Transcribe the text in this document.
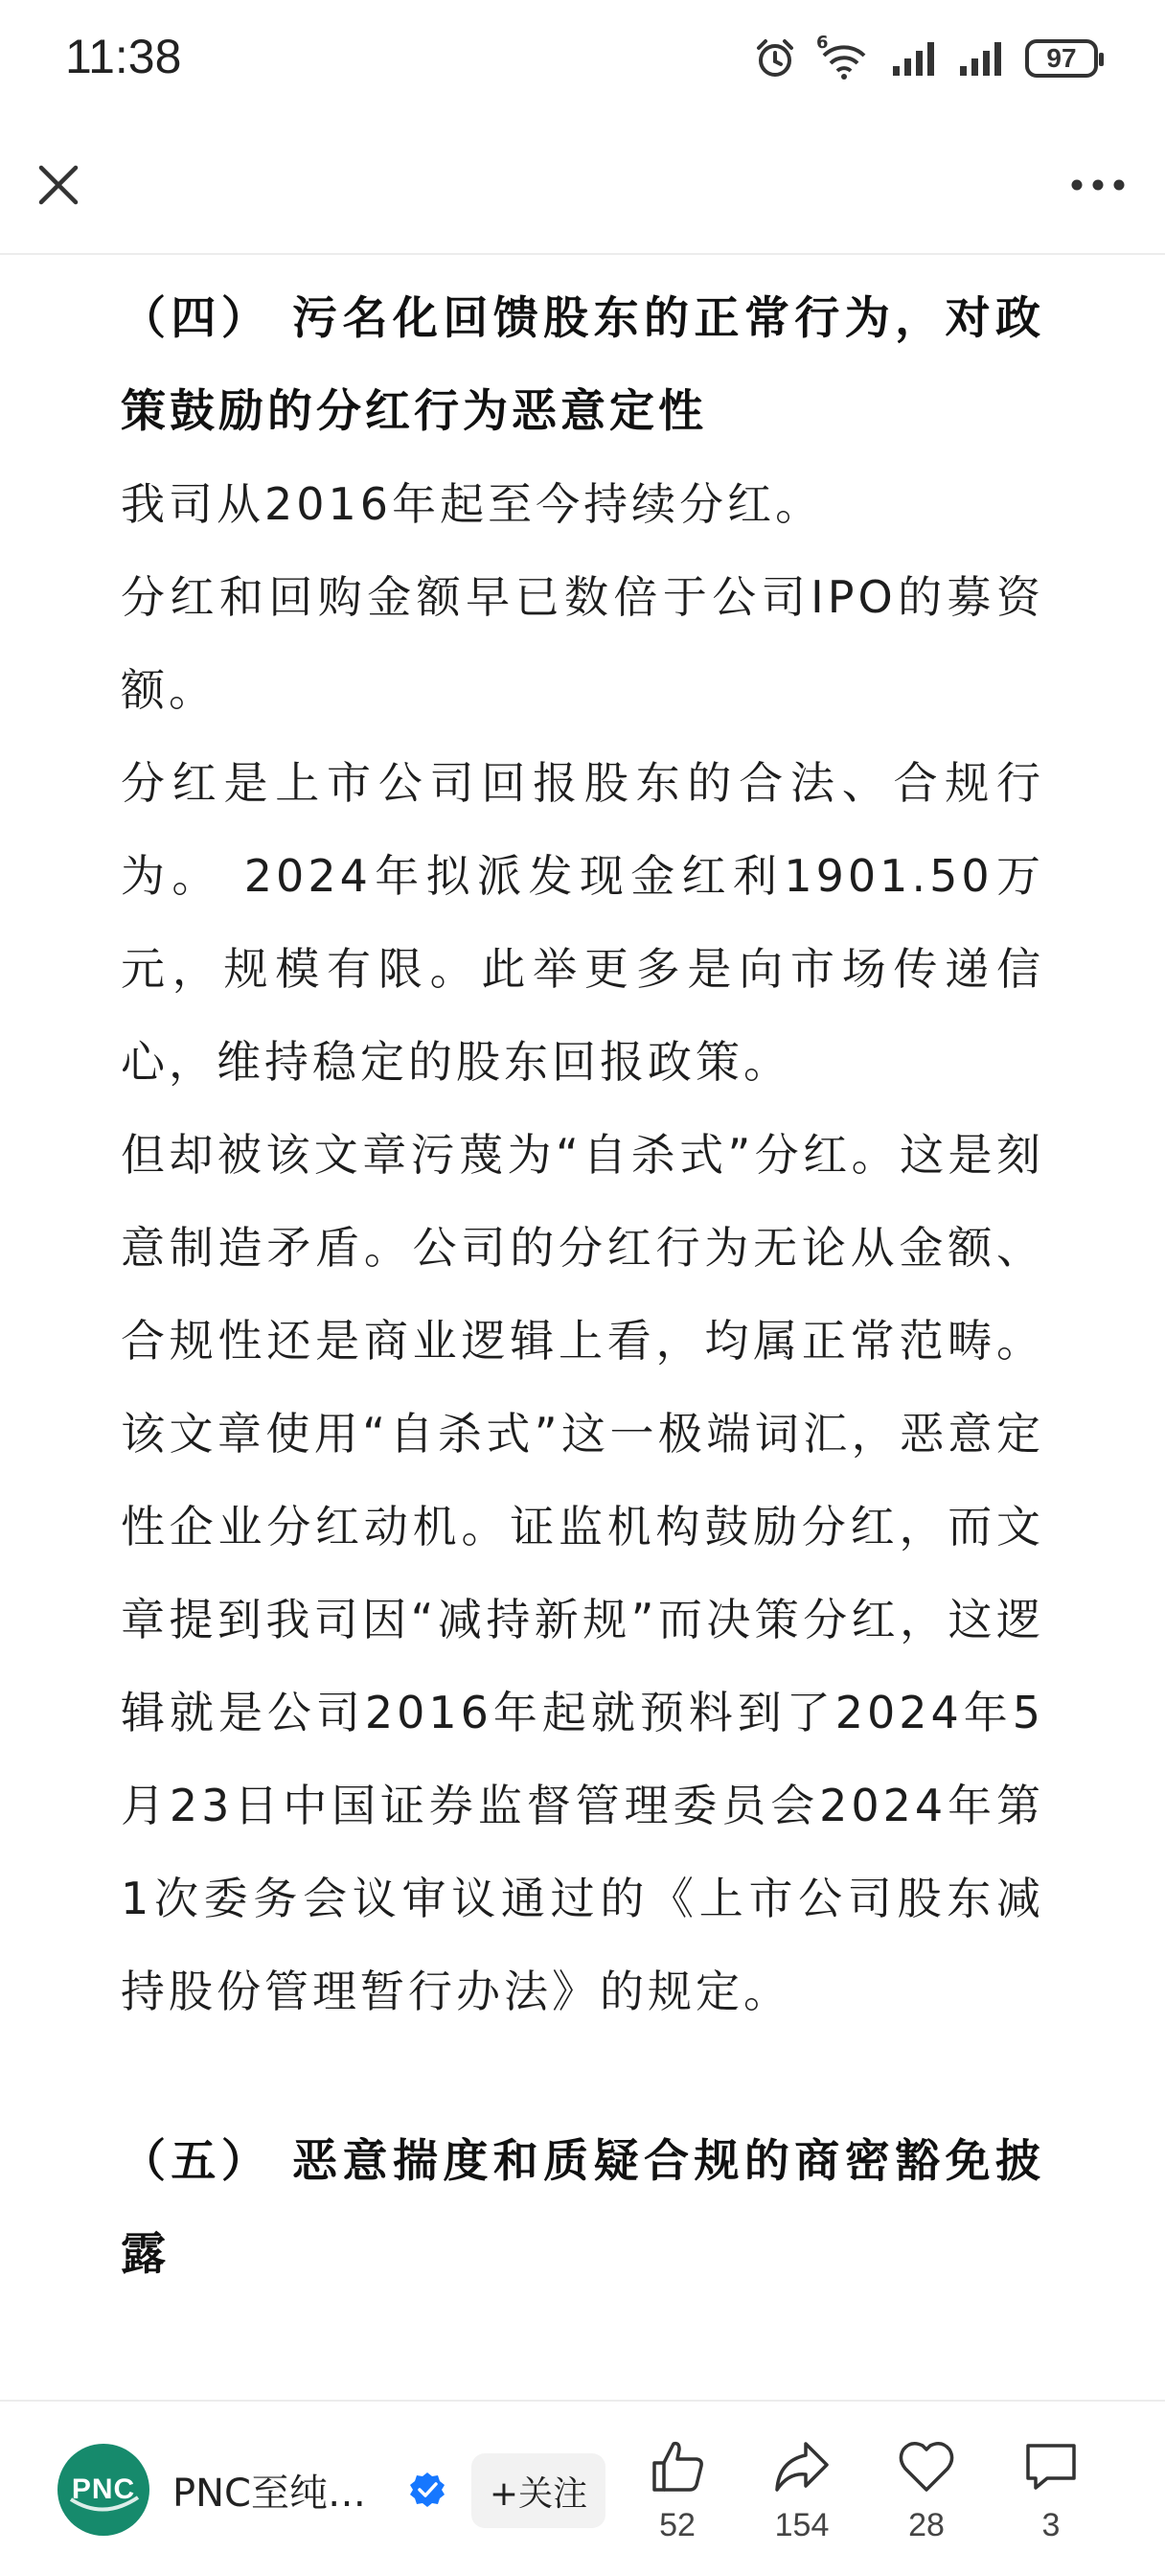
11:38	6
97

（四） 污名化回馈股东的正常行为，对政策鼓励的分红行为恶意定性

我司从2016年起至今持续分红。

分红和回购金额早已数倍于公司IPO的募资额。

分红是上市公司回报股东的合法、合规行为。 2024年拟派发现金红利1901.50万元，规模有限。此举更多是向市场传递信心，维持稳定的股东回报政策。

但却被该文章污蔑为“自杀式”分红。这是刻意制造矛盾。公司的分红行为无论从金额、合规性还是商业逻辑上看，均属正常范畴。该文章使用“自杀式”这一极端词汇，恶意定性企业分红动机。证监机构鼓励分红，而文章提到我司因“减持新规”而决策分红，这逻辑就是公司2016年起就预料到了2024年5月23日中国证券监督管理委员会2024年第1次委务会议审议通过的《上市公司股东减持股份管理暂行办法》的规定。

（五） 恶意揣度和质疑合规的商密豁免披露

PNC PNC至纯…	+关注
52 154 28	3
